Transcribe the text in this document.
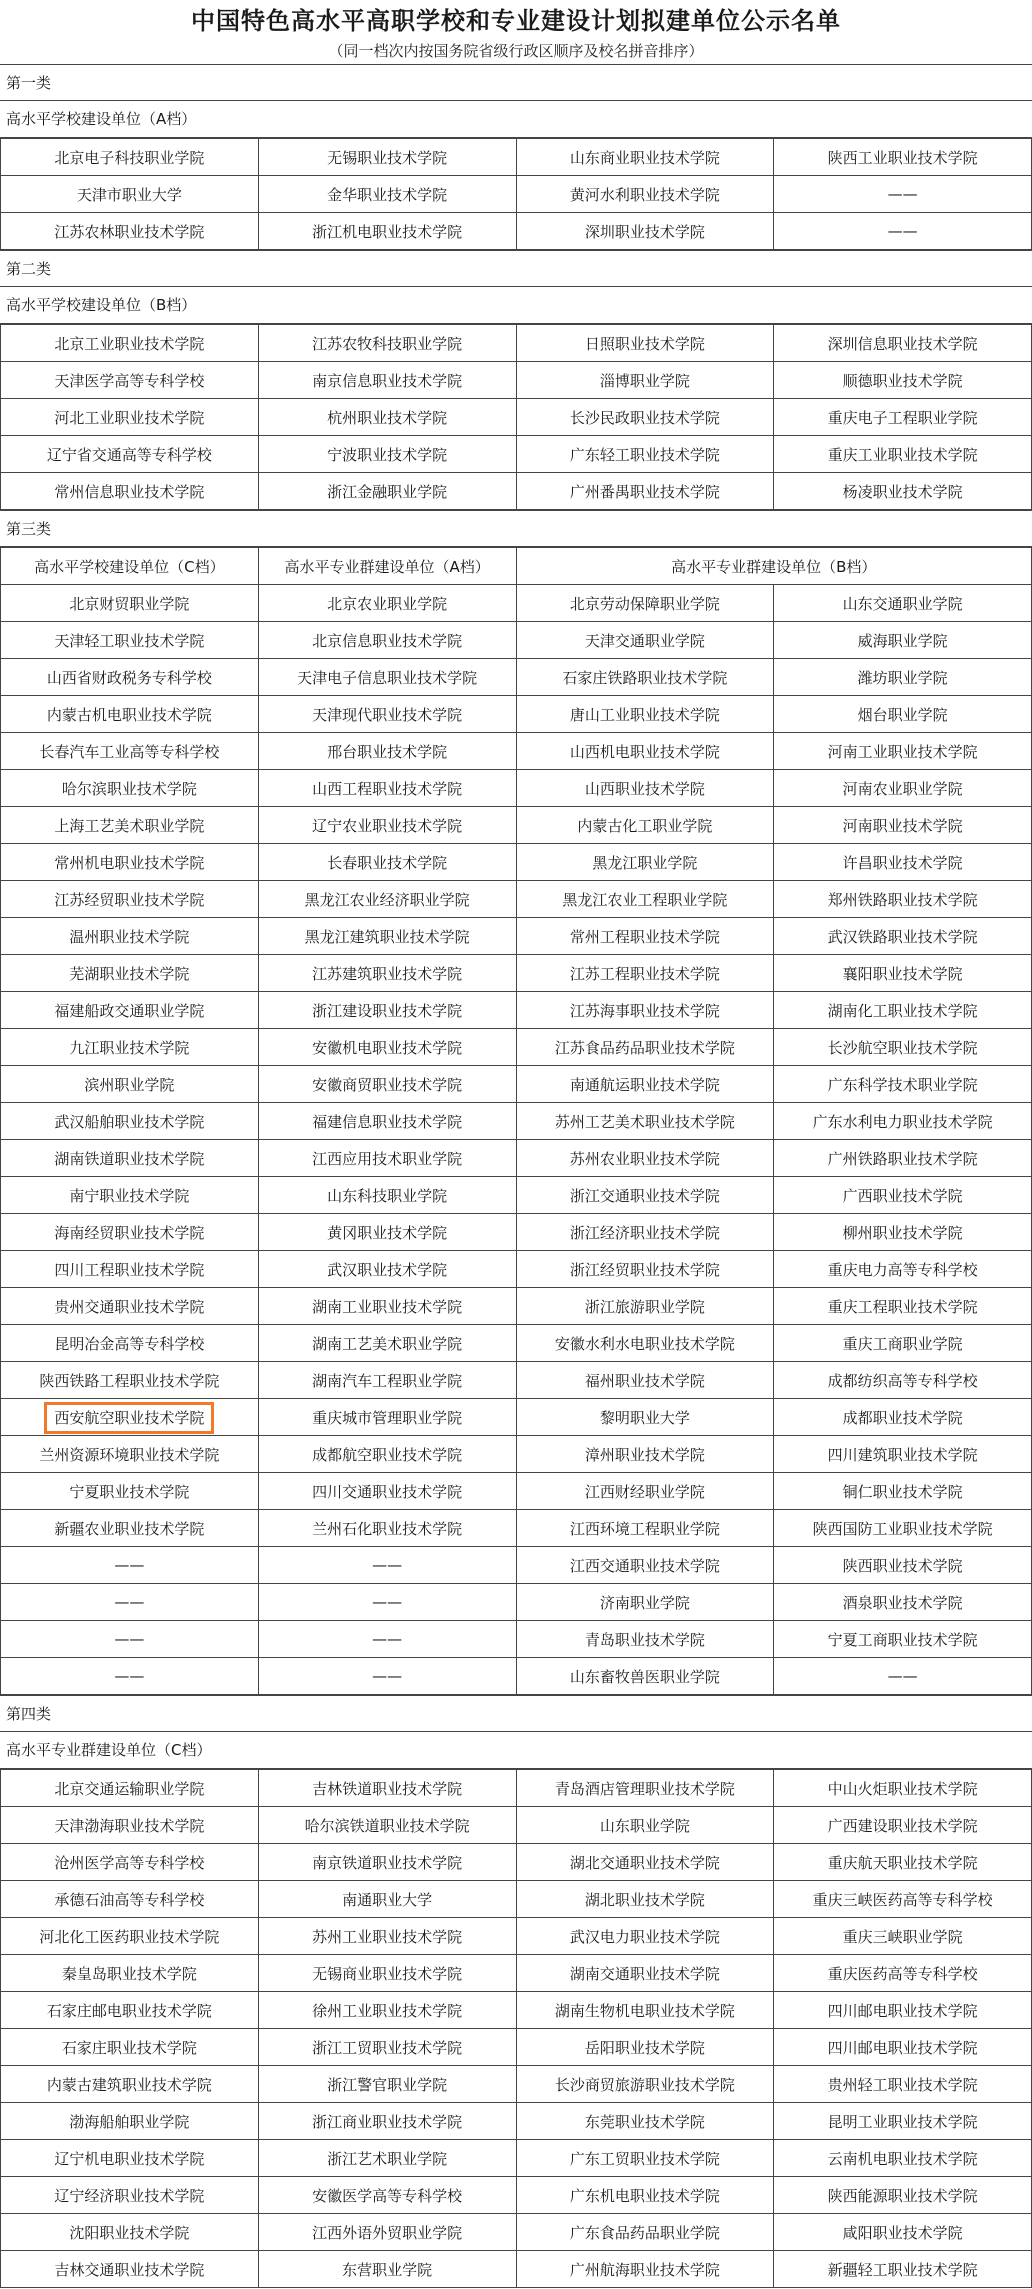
中国特色高水平高职学校和专业建设计划拟建单位公示名单
（同一档次内按国务院省级行政区顺序及校名拼音排序）
第一类
高水平学校建设单位（A档）
北京电子科技职业学院	无锡职业技术学院	山东商业职业技术学院	陕西工业职业技术学院
天津市职业大学	金华职业技术学院	黄河水利职业技术学院	——
江苏农林职业技术学院	浙江机电职业技术学院	深圳职业技术学院	——
第二类
高水平学校建设单位（B档）
北京工业职业技术学院	江苏农牧科技职业学院	日照职业技术学院	深圳信息职业技术学院
天津医学高等专科学校	南京信息职业技术学院	淄博职业学院	顺德职业技术学院
河北工业职业技术学院	杭州职业技术学院	长沙民政职业技术学院	重庆电子工程职业学院
辽宁省交通高等专科学校	宁波职业技术学院	广东轻工职业技术学院	重庆工业职业技术学院
常州信息职业技术学院	浙江金融职业学院	广州番禺职业技术学院	杨凌职业技术学院
第三类
高水平学校建设单位（C档）	高水平专业群建设单位（A档）	高水平专业群建设单位（B档）	
北京财贸职业学院	北京农业职业学院	北京劳动保障职业学院	山东交通职业学院
天津轻工职业技术学院	北京信息职业技术学院	天津交通职业学院	威海职业学院
山西省财政税务专科学校	天津电子信息职业技术学院	石家庄铁路职业技术学院	潍坊职业学院
内蒙古机电职业技术学院	天津现代职业技术学院	唐山工业职业技术学院	烟台职业学院
长春汽车工业高等专科学校	邢台职业技术学院	山西机电职业技术学院	河南工业职业技术学院
哈尔滨职业技术学院	山西工程职业技术学院	山西职业技术学院	河南农业职业学院
上海工艺美术职业学院	辽宁农业职业技术学院	内蒙古化工职业学院	河南职业技术学院
常州机电职业技术学院	长春职业技术学院	黑龙江职业学院	许昌职业技术学院
江苏经贸职业技术学院	黑龙江农业经济职业学院	黑龙江农业工程职业学院	郑州铁路职业技术学院
温州职业技术学院	黑龙江建筑职业技术学院	常州工程职业技术学院	武汉铁路职业技术学院
芜湖职业技术学院	江苏建筑职业技术学院	江苏工程职业技术学院	襄阳职业技术学院
福建船政交通职业学院	浙江建设职业技术学院	江苏海事职业技术学院	湖南化工职业技术学院
九江职业技术学院	安徽机电职业技术学院	江苏食品药品职业技术学院	长沙航空职业技术学院
滨州职业学院	安徽商贸职业技术学院	南通航运职业技术学院	广东科学技术职业学院
武汉船舶职业技术学院	福建信息职业技术学院	苏州工艺美术职业技术学院	广东水利电力职业技术学院
湖南铁道职业技术学院	江西应用技术职业学院	苏州农业职业技术学院	广州铁路职业技术学院
南宁职业技术学院	山东科技职业学院	浙江交通职业技术学院	广西职业技术学院
海南经贸职业技术学院	黄冈职业技术学院	浙江经济职业技术学院	柳州职业技术学院
四川工程职业技术学院	武汉职业技术学院	浙江经贸职业技术学院	重庆电力高等专科学校
贵州交通职业技术学院	湖南工业职业技术学院	浙江旅游职业学院	重庆工程职业技术学院
昆明冶金高等专科学校	湖南工艺美术职业学院	安徽水利水电职业技术学院	重庆工商职业学院
陕西铁路工程职业技术学院	湖南汽车工程职业学院	福州职业技术学院	成都纺织高等专科学校
西安航空职业技术学院	重庆城市管理职业学院	黎明职业大学	成都职业技术学院
兰州资源环境职业技术学院	成都航空职业技术学院	漳州职业技术学院	四川建筑职业技术学院
宁夏职业技术学院	四川交通职业技术学院	江西财经职业学院	铜仁职业技术学院
新疆农业职业技术学院	兰州石化职业技术学院	江西环境工程职业学院	陕西国防工业职业技术学院
——	——	江西交通职业技术学院	陕西职业技术学院
——	——	济南职业学院	酒泉职业技术学院
——	——	青岛职业技术学院	宁夏工商职业技术学院
——	——	山东畜牧兽医职业学院	——
第四类
高水平专业群建设单位（C档）
北京交通运输职业学院	吉林铁道职业技术学院	青岛酒店管理职业技术学院	中山火炬职业技术学院
天津渤海职业技术学院	哈尔滨铁道职业技术学院	山东职业学院	广西建设职业技术学院
沧州医学高等专科学校	南京铁道职业技术学院	湖北交通职业技术学院	重庆航天职业技术学院
承德石油高等专科学校	南通职业大学	湖北职业技术学院	重庆三峡医药高等专科学校
河北化工医药职业技术学院	苏州工业职业技术学院	武汉电力职业技术学院	重庆三峡职业学院
秦皇岛职业技术学院	无锡商业职业技术学院	湖南交通职业技术学院	重庆医药高等专科学校
石家庄邮电职业技术学院	徐州工业职业技术学院	湖南生物机电职业技术学院	四川邮电职业技术学院
石家庄职业技术学院	浙江工贸职业技术学院	岳阳职业技术学院	四川邮电职业技术学院
内蒙古建筑职业技术学院	浙江警官职业学院	长沙商贸旅游职业技术学院	贵州轻工职业技术学院
渤海船舶职业学院	浙江商业职业技术学院	东莞职业技术学院	昆明工业职业技术学院
辽宁机电职业技术学院	浙江艺术职业学院	广东工贸职业技术学院	云南机电职业技术学院
辽宁经济职业技术学院	安徽医学高等专科学校	广东机电职业技术学院	陕西能源职业技术学院
沈阳职业技术学院	江西外语外贸职业学院	广东食品药品职业学院	咸阳职业技术学院
吉林交通职业技术学院	东营职业学院	广州航海职业技术学院	新疆轻工职业技术学院
